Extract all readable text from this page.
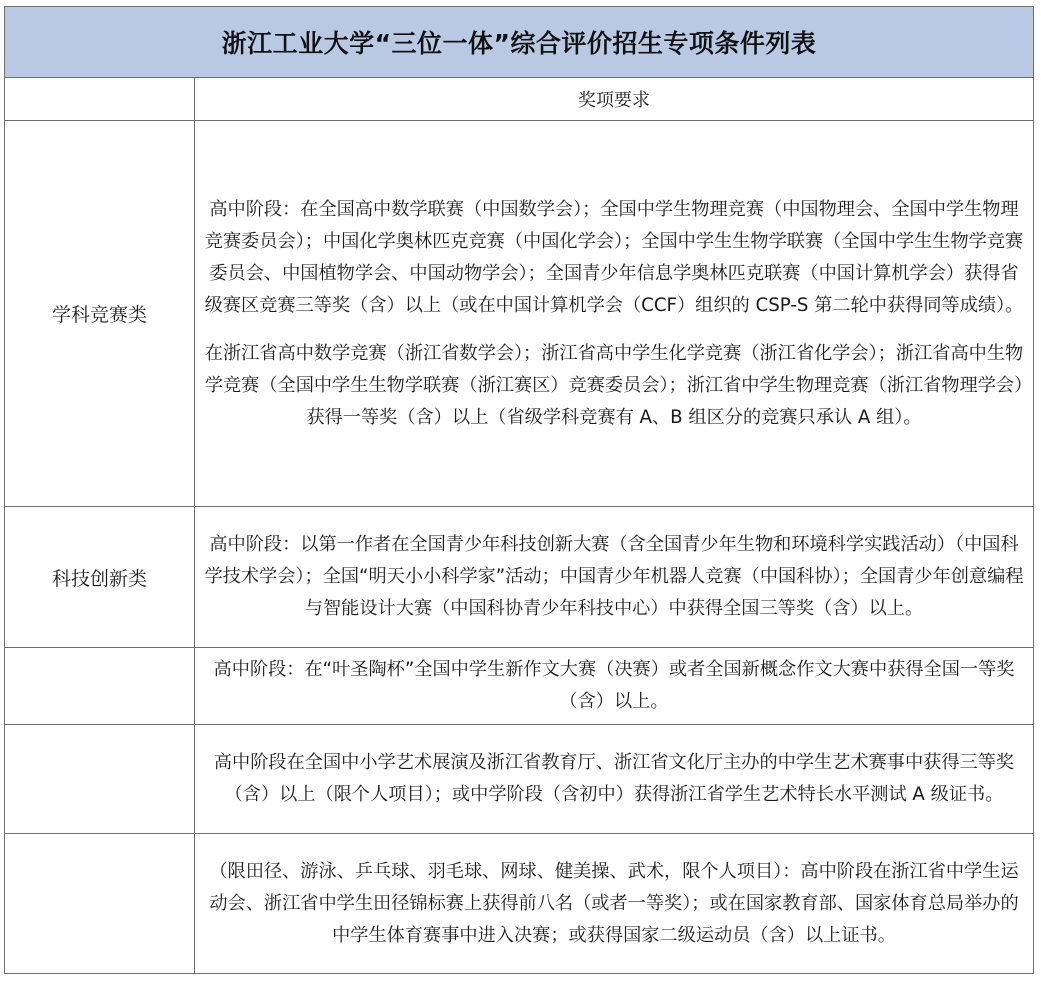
浙江工业大学“三位一体”综合评价招生专项条件列表	
	奖项要求
学科竞赛类	高中阶段：在全国高中数学联赛（中国数学会）；全国中学生物理竞赛（中国物理会、全国中学生物理竞赛委员会）；中国化学奥林匹克竞赛（中国化学会）；全国中学生生物学联赛（全国中学生生物学竞赛委员会、中国植物学会、中国动物学会）；全国青少年信息学奥林匹克联赛（中国计算机学会）获得省级赛区竞赛三等奖（含）以上（或在中国计算机学会（CCF）组织的 CSP-S 第二轮中获得同等成绩）。

在浙江省高中数学竞赛（浙江省数学会）；浙江省高中学生化学竞赛（浙江省化学会）；浙江省高中生物学竞赛（全国中学生生物学联赛（浙江赛区）竞赛委员会）；浙江省中学生物理竞赛（浙江省物理学会）获得一等奖（含）以上（省级学科竞赛有 A、B 组区分的竞赛只承认 A 组）。

科技创新类	高中阶段：以第一作者在全国青少年科技创新大赛（含全国青少年生物和环境科学实践活动）（中国科学技术学会）；全国“明天小小科学家”活动；中国青少年机器人竞赛（中国科协）；全国青少年创意编程与智能设计大赛（中国科协青少年科技中心）中获得全国三等奖（含）以上。

	高中阶段：在“叶圣陶杯”全国中学生新作文大赛（决赛）或者全国新概念作文大赛中获得全国一等奖（含）以上。

	高中阶段在全国中小学艺术展演及浙江省教育厅、浙江省文化厅主办的中学生艺术赛事中获得三等奖（含）以上（限个人项目）；或中学阶段（含初中）获得浙江省学生艺术特长水平测试 A 级证书。

	（限田径、游泳、乒乓球、羽毛球、网球、健美操、武术，限个人项目）：高中阶段在浙江省中学生运动会、浙江省中学生田径锦标赛上获得前八名（或者一等奖）；或在国家教育部、国家体育总局举办的中学生体育赛事中进入决赛；或获得国家二级运动员（含）以上证书。
